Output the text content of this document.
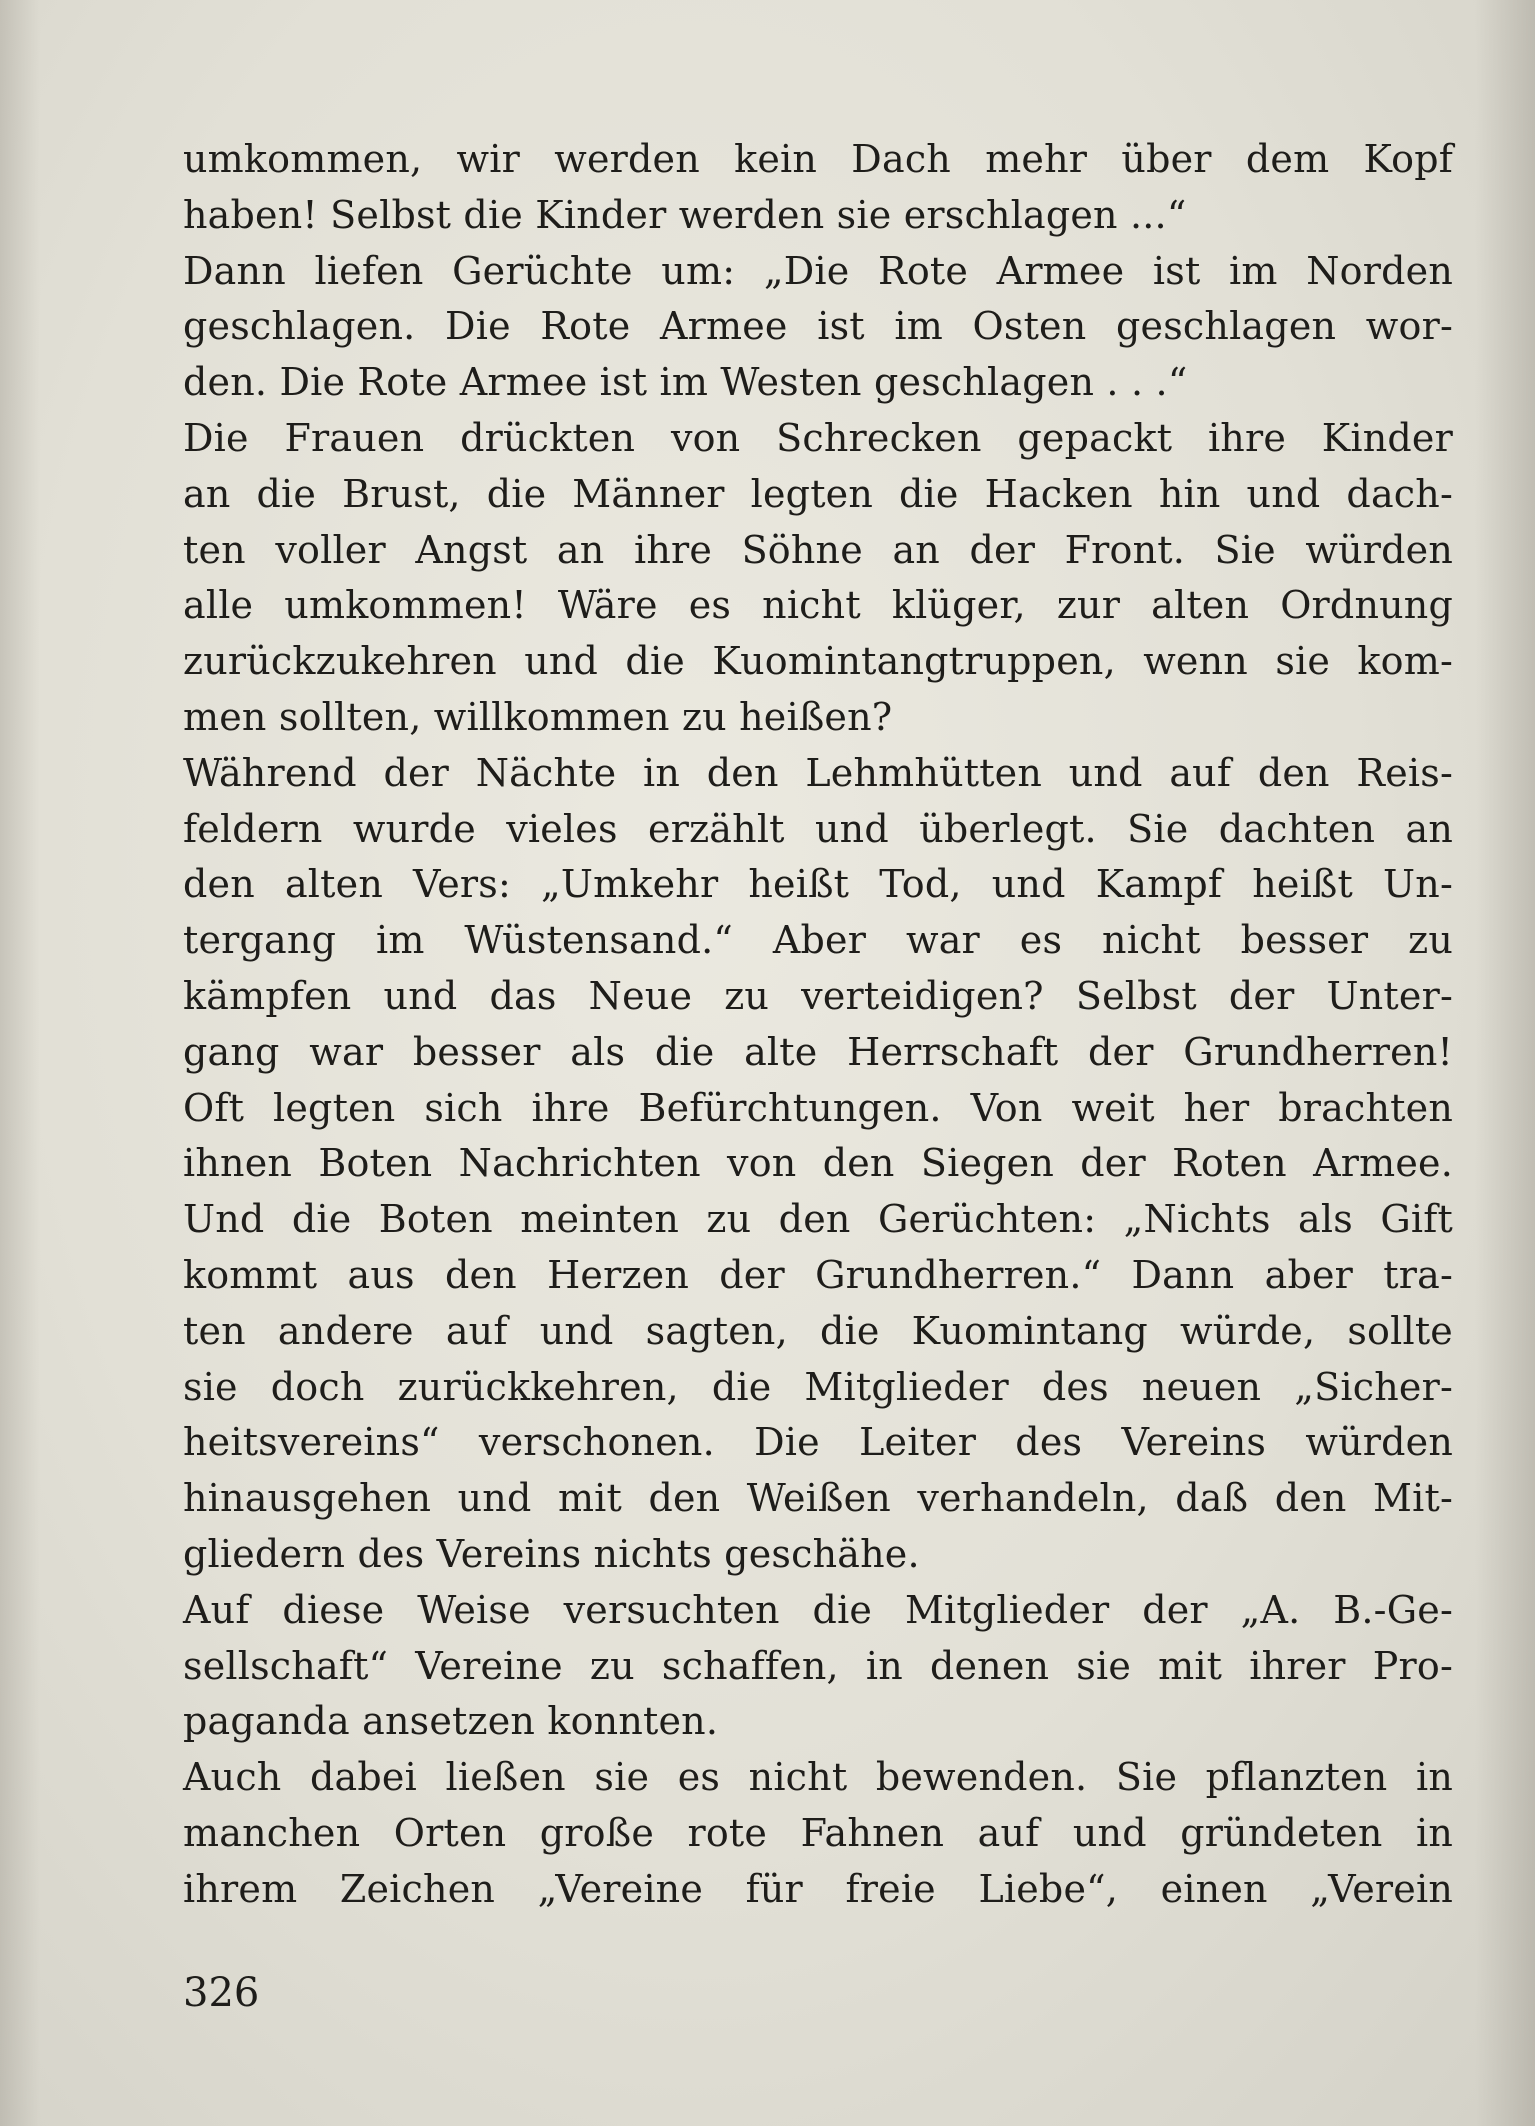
umkommen, wir werden kein Dach mehr über dem Kopf
haben! Selbst die Kinder werden sie erschlagen ...“
Dann liefen Gerüchte um: „Die Rote Armee ist im Norden
geschlagen. Die Rote Armee ist im Osten geschlagen wor-
den. Die Rote Armee ist im Westen geschlagen . . .“
Die Frauen drückten von Schrecken gepackt ihre Kinder
an die Brust, die Männer legten die Hacken hin und dach-
ten voller Angst an ihre Söhne an der Front. Sie würden
alle umkommen! Wäre es nicht klüger, zur alten Ordnung
zurückzukehren und die Kuomintangtruppen, wenn sie kom-
men sollten, willkommen zu heißen?
Während der Nächte in den Lehmhütten und auf den Reis-
feldern wurde vieles erzählt und überlegt. Sie dachten an
den alten Vers: „Umkehr heißt Tod, und Kampf heißt Un-
tergang im Wüstensand.“ Aber war es nicht besser zu
kämpfen und das Neue zu verteidigen? Selbst der Unter-
gang war besser als die alte Herrschaft der Grundherren!
Oft legten sich ihre Befürchtungen. Von weit her brachten
ihnen Boten Nachrichten von den Siegen der Roten Armee.
Und die Boten meinten zu den Gerüchten: „Nichts als Gift
kommt aus den Herzen der Grundherren.“ Dann aber tra-
ten andere auf und sagten, die Kuomintang würde, sollte
sie doch zurückkehren, die Mitglieder des neuen „Sicher-
heitsvereins“ verschonen. Die Leiter des Vereins würden
hinausgehen und mit den Weißen verhandeln, daß den Mit-
gliedern des Vereins nichts geschähe.
Auf diese Weise versuchten die Mitglieder der „A. B.-Ge-
sellschaft“ Vereine zu schaffen, in denen sie mit ihrer Pro-
paganda ansetzen konnten.
Auch dabei ließen sie es nicht bewenden. Sie pflanzten in
manchen Orten große rote Fahnen auf und gründeten in
ihrem Zeichen „Vereine für freie Liebe“, einen „Verein
326
